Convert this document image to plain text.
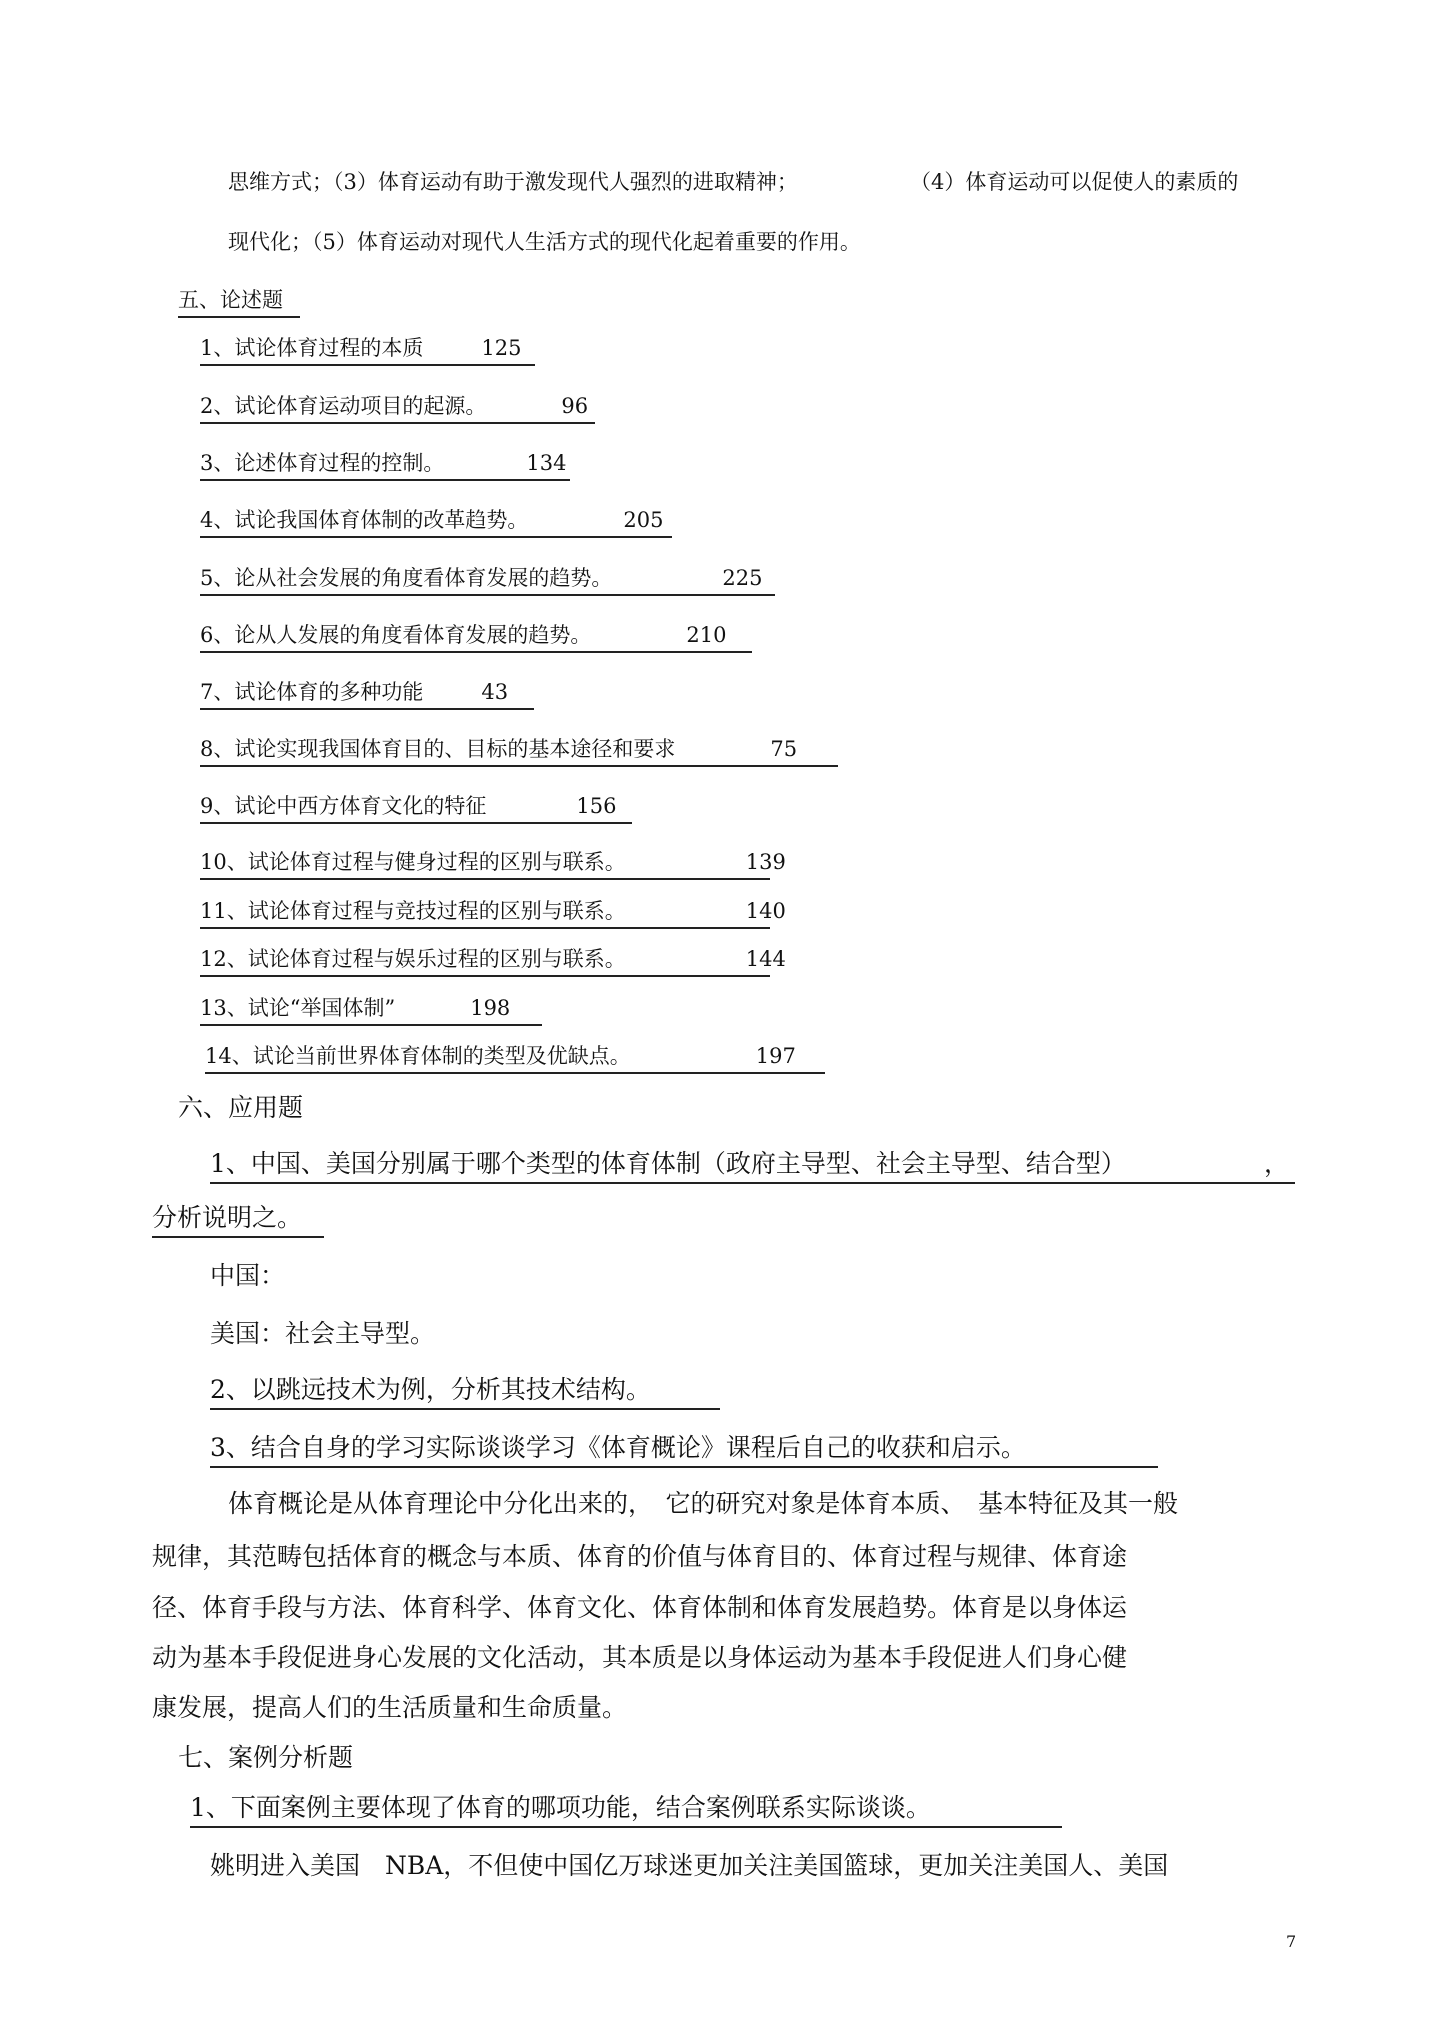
思维方式；（3）体育运动有助于激发现代人强烈的进取精神；	（4）体育运动可以促使人的素质的
现代化；（5）体育运动对现代人生活方式的现代化起着重要的作用。
五、论述题
1、试论体育过程的本质	125
2、试论体育运动项目的起源。	96
3、论述体育过程的控制。	134
4、试论我国体育体制的改革趋势。	205
5、论从社会发展的角度看体育发展的趋势。	225
6、论从人发展的角度看体育发展的趋势。	210
7、试论体育的多种功能	43
8、试论实现我国体育目的、目标的基本途径和要求	75
9、试论中西方体育文化的特征	156
10、试论体育过程与健身过程的区别与联系。	139
11、试论体育过程与竞技过程的区别与联系。	140
12、试论体育过程与娱乐过程的区别与联系。	144
13、试论“举国体制”	198
14、试论当前世界体育体制的类型及优缺点。	197
六、应用题
1、中国、美国分别属于哪个类型的体育体制（政府主导型、社会主导型、结合型）	，
分析说明之。
中国：
美国：社会主导型。
2、以跳远技术为例，分析其技术结构。
3、结合自身的学习实际谈谈学习《体育概论》课程后自己的收获和启示。
体育概论是从体育理论中分化出来的，　它的研究对象是体育本质、　基本特征及其一般
规律，其范畴包括体育的概念与本质、体育的价值与体育目的、体育过程与规律、体育途
径、体育手段与方法、体育科学、体育文化、体育体制和体育发展趋势。体育是以身体运
动为基本手段促进身心发展的文化活动，其本质是以身体运动为基本手段促进人们身心健
康发展，提高人们的生活质量和生命质量。
七、案例分析题
1、下面案例主要体现了体育的哪项功能，结合案例联系实际谈谈。
姚明进入美国　NBA，不但使中国亿万球迷更加关注美国篮球，更加关注美国人、美国
7
